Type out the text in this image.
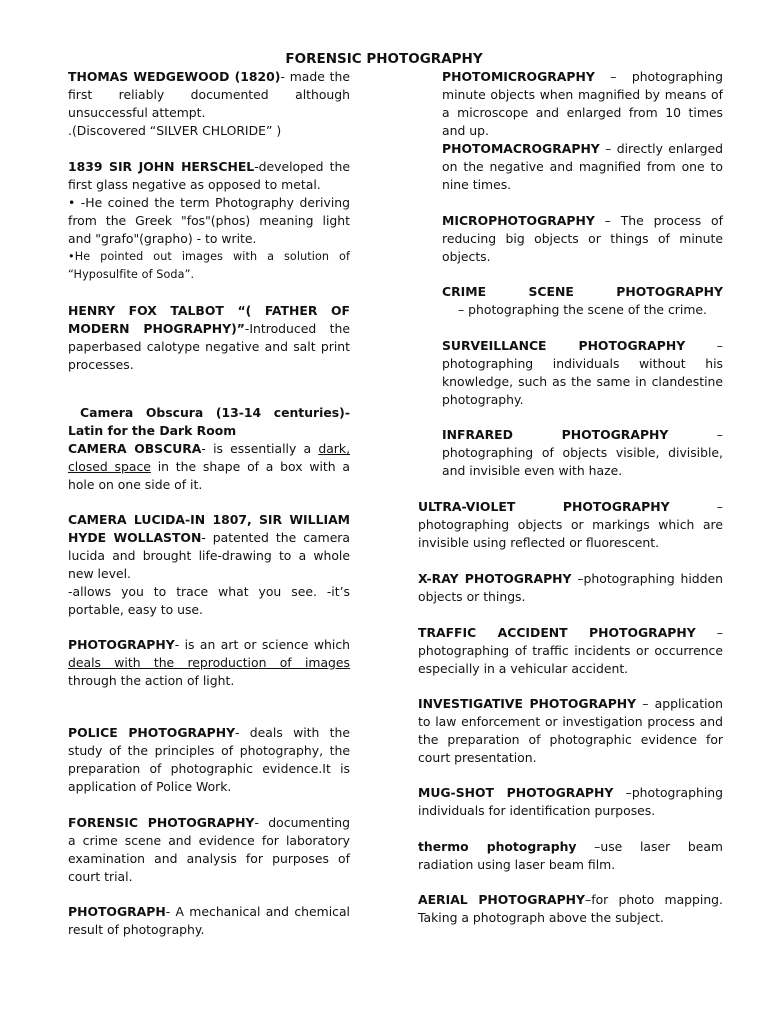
FORENSIC PHOTOGRAPHY
THOMAS WEDGEWOOD (1820)- made the first reliably documented although unsuccessful attempt.
.(Discovered “SILVER CHLORIDE” )
1839 SIR JOHN HERSCHEL-developed the first glass negative as opposed to metal.
• -He coined the term Photography deriving from the Greek "fos"(phos) meaning light and "grafo"(grapho) - to write.
•He pointed out images with a solution of “Hyposulfite of Soda”.
HENRY FOX TALBOT “( FATHER OF MODERN PHOGRAPHY)”-Introduced the paperbased calotype negative and salt print processes.
Camera Obscura (13-14 centuries)- Latin for the Dark Room
CAMERA OBSCURA- is essentially a dark, closed space in the shape of a box with a hole on one side of it.
CAMERA LUCIDA-IN 1807, SIR WILLIAM HYDE WOLLASTON- patented the camera lucida and brought life-drawing to a whole new level.
-allows you to trace what you see. -it’s portable, easy to use.
PHOTOGRAPHY- is an art or science which deals with the reproduction of images through the action of light.
POLICE PHOTOGRAPHY- deals with the study of the principles of photography, the preparation of photographic evidence.It is application of Police Work.
FORENSIC PHOTOGRAPHY- documenting a crime scene and evidence for laboratory examination and analysis for purposes of court trial.
PHOTOGRAPH- A mechanical and chemical result of photography.
PHOTOMICROGRAPHY – photographing minute objects when magnified by means of a microscope and enlarged from 10 times and up.
PHOTOMACROGRAPHY – directly enlarged on the negative and magnified from one to nine times.
MICROPHOTOGRAPHY – The process of reducing big objects or things of minute objects.
CRIME SCENE PHOTOGRAPHY
– photographing the scene of the crime.
SURVEILLANCE PHOTOGRAPHY – photographing individuals without his knowledge, such as the same in clandestine photography.
INFRARED PHOTOGRAPHY – photographing of objects visible, divisible, and invisible even with haze.
ULTRA-VIOLET PHOTOGRAPHY – photographing objects or markings which are invisible using reflected or fluorescent.
X-RAY PHOTOGRAPHY –photographing hidden objects or things.
TRAFFIC ACCIDENT PHOTOGRAPHY – photographing of traffic incidents or occurrence especially in a vehicular accident.
INVESTIGATIVE PHOTOGRAPHY – application to law enforcement or investigation process and the preparation of photographic evidence for court presentation.
MUG-SHOT PHOTOGRAPHY –photographing individuals for identification purposes.
thermo photography –use laser beam radiation using laser beam film.
AERIAL PHOTOGRAPHY–for photo mapping. Taking a photograph above the subject.
